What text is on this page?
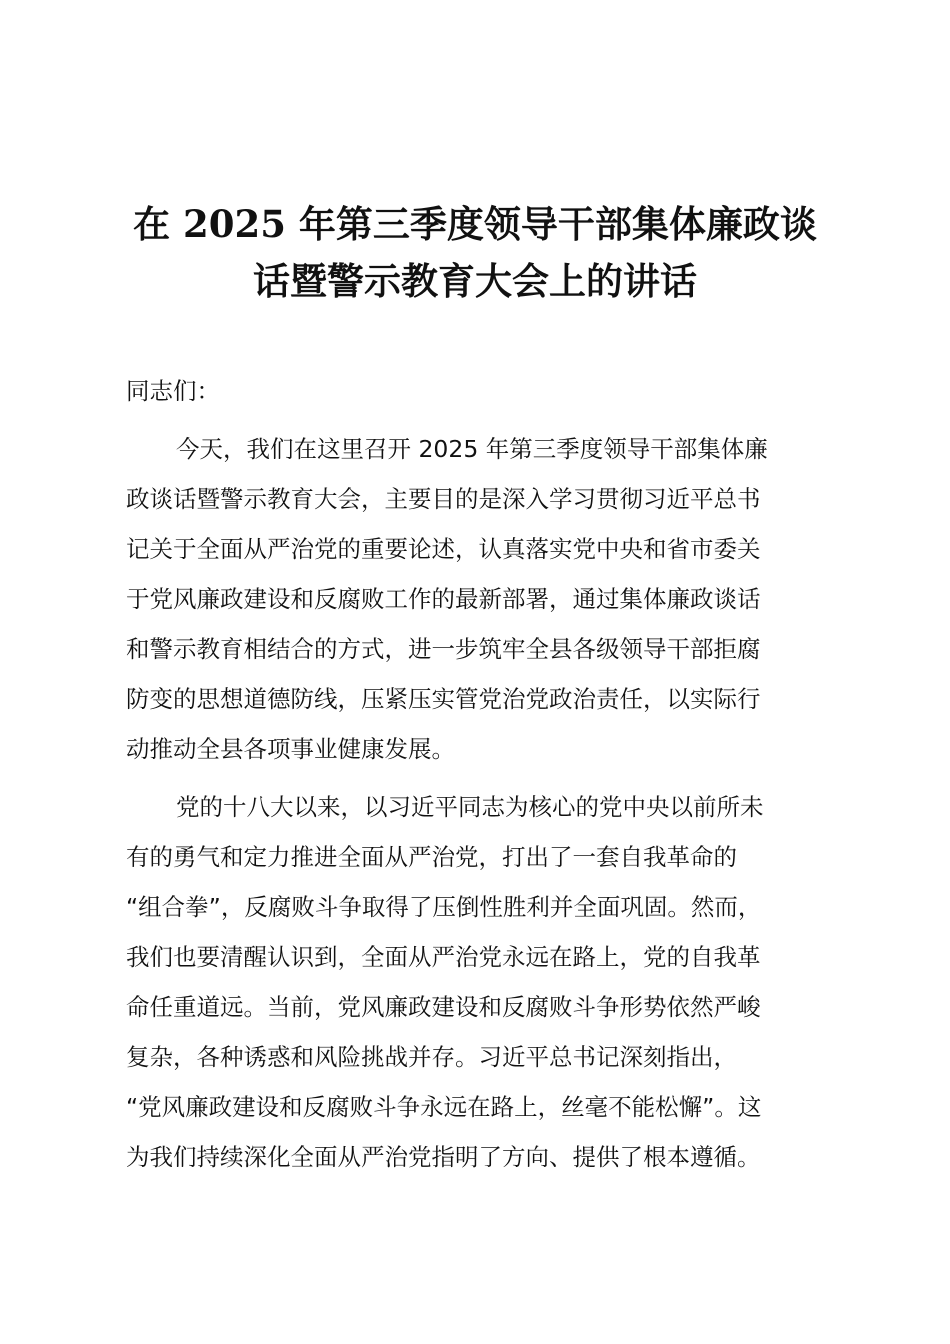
在 2025 年第三季度领导干部集体廉政谈
话暨警示教育大会上的讲话
同志们：
今天，我们在这里召开 2025 年第三季度领导干部集体廉
政谈话暨警示教育大会，主要目的是深入学习贯彻习近平总书
记关于全面从严治党的重要论述，认真落实党中央和省市委关
于党风廉政建设和反腐败工作的最新部署，通过集体廉政谈话
和警示教育相结合的方式，进一步筑牢全县各级领导干部拒腐
防变的思想道德防线，压紧压实管党治党政治责任，以实际行
动推动全县各项事业健康发展。
党的十八大以来，以习近平同志为核心的党中央以前所未
有的勇气和定力推进全面从严治党，打出了一套自我革命的
“组合拳”，反腐败斗争取得了压倒性胜利并全面巩固。然而，
我们也要清醒认识到，全面从严治党永远在路上，党的自我革
命任重道远。当前，党风廉政建设和反腐败斗争形势依然严峻
复杂，各种诱惑和风险挑战并存。习近平总书记深刻指出，
“党风廉政建设和反腐败斗争永远在路上，丝毫不能松懈”。这
为我们持续深化全面从严治党指明了方向、提供了根本遵循。
